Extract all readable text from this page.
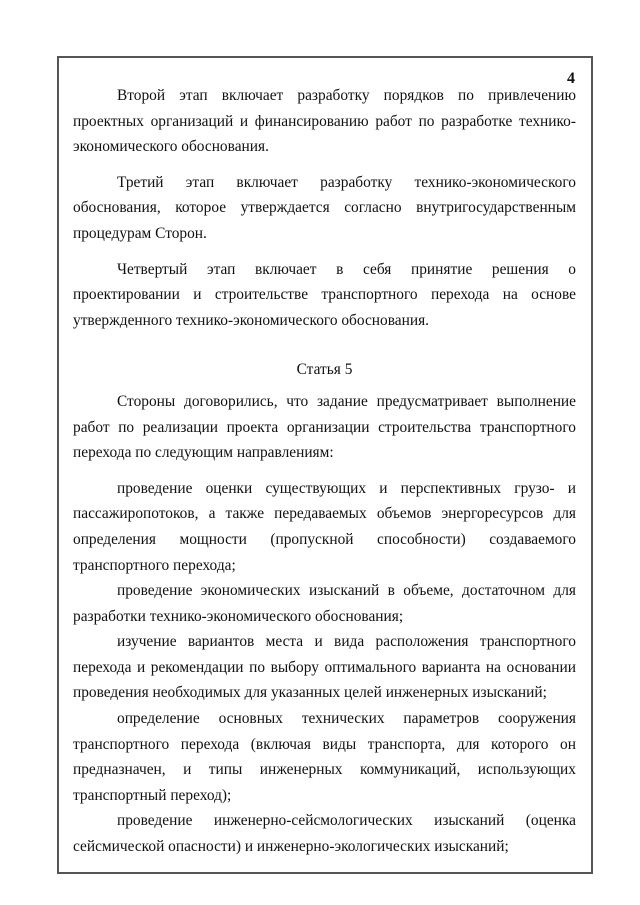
4

Второй этап включает разработку порядков по привлечению проектных организаций и финансированию работ по разработке технико-экономического обоснования.

Третий этап включает разработку технико-экономического обоснования, которое утверждается согласно внутригосударственным процедурам Сторон.

Четвертый этап включает в себя принятие решения о проектировании и строительстве транспортного перехода на основе утвержденного технико-экономического обоснования.

Статья 5

Стороны договорились, что задание предусматривает выполнение работ по реализации проекта организации строительства транспортного перехода по следующим направлениям:

проведение оценки существующих и перспективных грузо- и пассажиропотоков, а также передаваемых объемов энергоресурсов для определения мощности (пропускной способности) создаваемого транспортного перехода;

проведение экономических изысканий в объеме, достаточном для разработки технико-экономического обоснования;

изучение вариантов места и вида расположения транспортного перехода и рекомендации по выбору оптимального варианта на основании проведения необходимых для указанных целей инженерных изысканий;

определение основных технических параметров сооружения транспортного перехода (включая виды транспорта, для которого он предназначен, и типы инженерных коммуникаций, использующих транспортный переход);

проведение инженерно-сейсмологических изысканий (оценка сейсмической опасности) и инженерно-экологических изысканий;
